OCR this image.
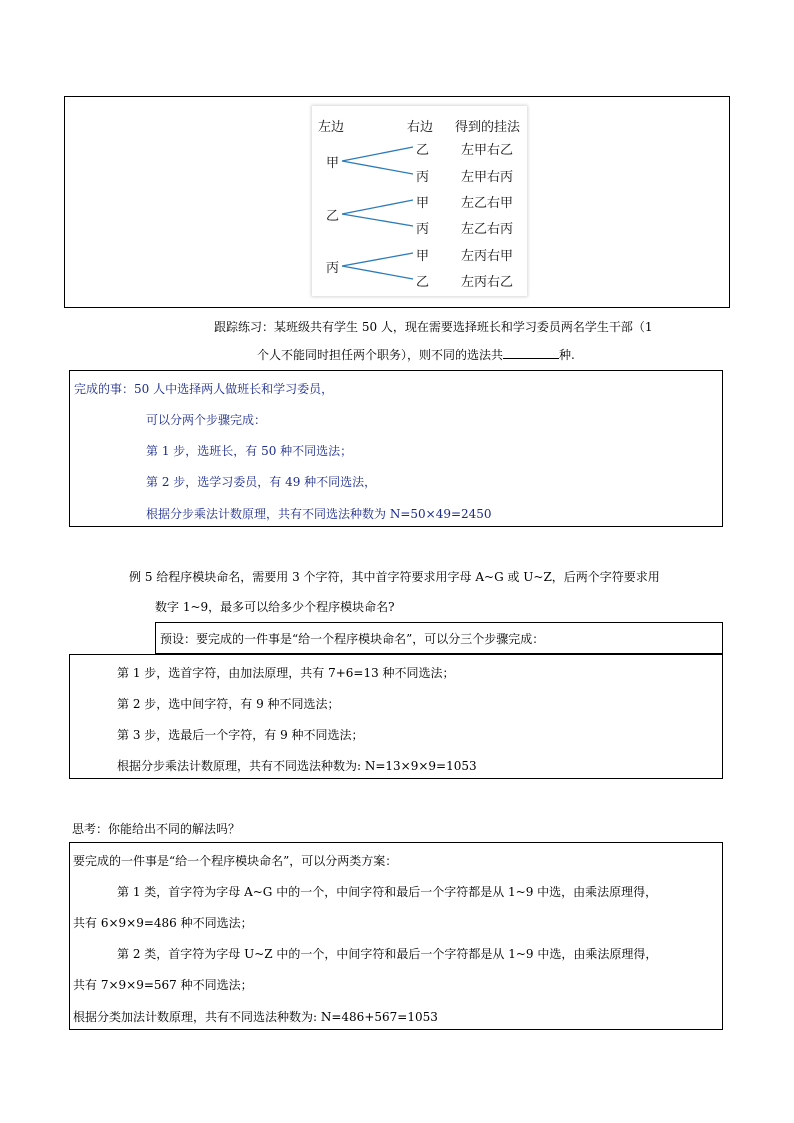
左边	右边 得到的挂法
甲
乙
丙
左甲右乙
左甲右丙
乙
甲
丙
左乙右甲
左乙右丙
丙
甲
乙
左丙右甲
左丙右乙
跟踪练习：某班级共有学生 50 人，现在需要选择班长和学习委员两名学生干部（1
个人不能同时担任两个职务），则不同的选法共	种.
完成的事：50 人中选择两人做班长和学习委员，
可以分两个步骤完成：
第 1 步，选班长，有 50 种不同选法；
第 2 步，选学习委员，有 49 种不同选法，
根据分步乘法计数原理，共有不同选法种数为 N=50×49=2450
例 5 给程序模块命名，需要用 3 个字符，其中首字符要求用字母 A~G 或 U~Z，后两个字符要求用
数字 1~9，最多可以给多少个程序模块命名?
预设：要完成的一件事是“给一个程序模块命名”，可以分三个步骤完成：
第 1 步，选首字符，由加法原理，共有 7+6=13 种不同选法；
第 2 步，选中间字符，有 9 种不同选法；
第 3 步，选最后一个字符，有 9 种不同选法；
根据分步乘法计数原理，共有不同选法种数为: N=13×9×9=1053
思考：你能给出不同的解法吗？
要完成的一件事是“给一个程序模块命名”，可以分两类方案：
第 1 类，首字符为字母 A~G 中的一个，中间字符和最后一个字符都是从 1~9 中选，由乘法原理得，
共有 6×9×9=486 种不同选法；
第 2 类，首字符为字母 U~Z 中的一个，中间字符和最后一个字符都是从 1~9 中选，由乘法原理得，
共有 7×9×9=567 种不同选法；
根据分类加法计数原理，共有不同选法种数为: N=486+567=1053
